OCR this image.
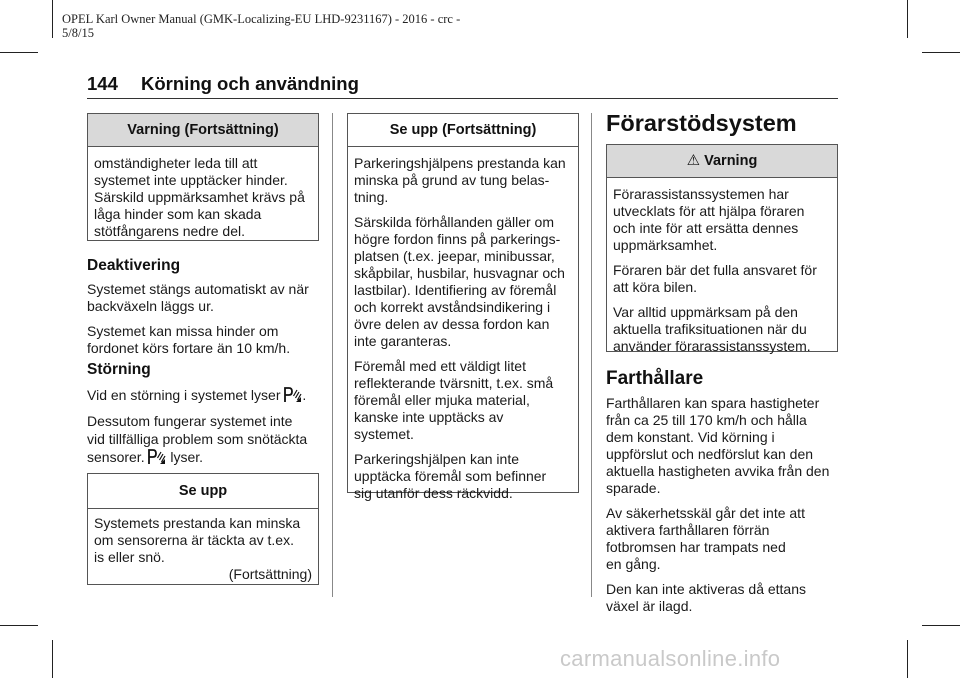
OPEL Karl Owner Manual (GMK-Localizing-EU LHD-9231167) - 2016 - crc -
5/8/15
144 Körning och användning
Varning (Fortsättning)
omständigheter leda till att
systemet inte upptäcker hinder.
Särskild uppmärksamhet krävs på
låga hinder som kan skada
stötfångarens nedre del.
Deaktivering

Systemet stängs automatiskt av när
backväxeln läggs ur.

Systemet kan missa hinder om
fordonet körs fortare än 10 km/h.

Störning

Vid en störning i systemet lyser .

Dessutom fungerar systemet inte
vid tillfälliga problem som snötäckta
sensorer. lyser.

Se upp
Systemets prestanda kan minska
om sensorerna är täckta av t.ex.
is eller snö.
(Fortsättning)
Se upp (Fortsättning)

Parkeringshjälpens prestanda kan
minska på grund av tung belas-
tning.

Särskilda förhållanden gäller om
högre fordon finns på parkerings-
platsen (t.ex. jeepar, minibussar,
skåpbilar, husbilar, husvagnar och
lastbilar). Identifiering av föremål
och korrekt avståndsindikering i
övre delen av dessa fordon kan
inte garanteras.

Föremål med ett väldigt litet
reflekterande tvärsnitt, t.ex. små
föremål eller mjuka material,
kanske inte upptäcks av
systemet.

Parkeringshjälpen kan inte
upptäcka föremål som befinner
sig utanför dess räckvidd.

Förarstödsystem
⚠ Varning

Förarassistanssystemen har
utvecklats för att hjälpa föraren
och inte för att ersätta dennes
uppmärksamhet.

Föraren bär det fulla ansvaret för
att köra bilen.

Var alltid uppmärksam på den
aktuella trafiksituationen när du
använder förarassistanssystem.

Farthållare

Farthållaren kan spara hastigheter
från ca 25 till 170 km/h och hålla
dem konstant. Vid körning i
uppförslut och nedförslut kan den
aktuella hastigheten avvika från den
sparade.

Av säkerhetsskäl går det inte att
aktivera farthållaren förrän
fotbromsen har trampats ned
en gång.

Den kan inte aktiveras då ettans
växel är ilagd.

carmanualsonline.info
